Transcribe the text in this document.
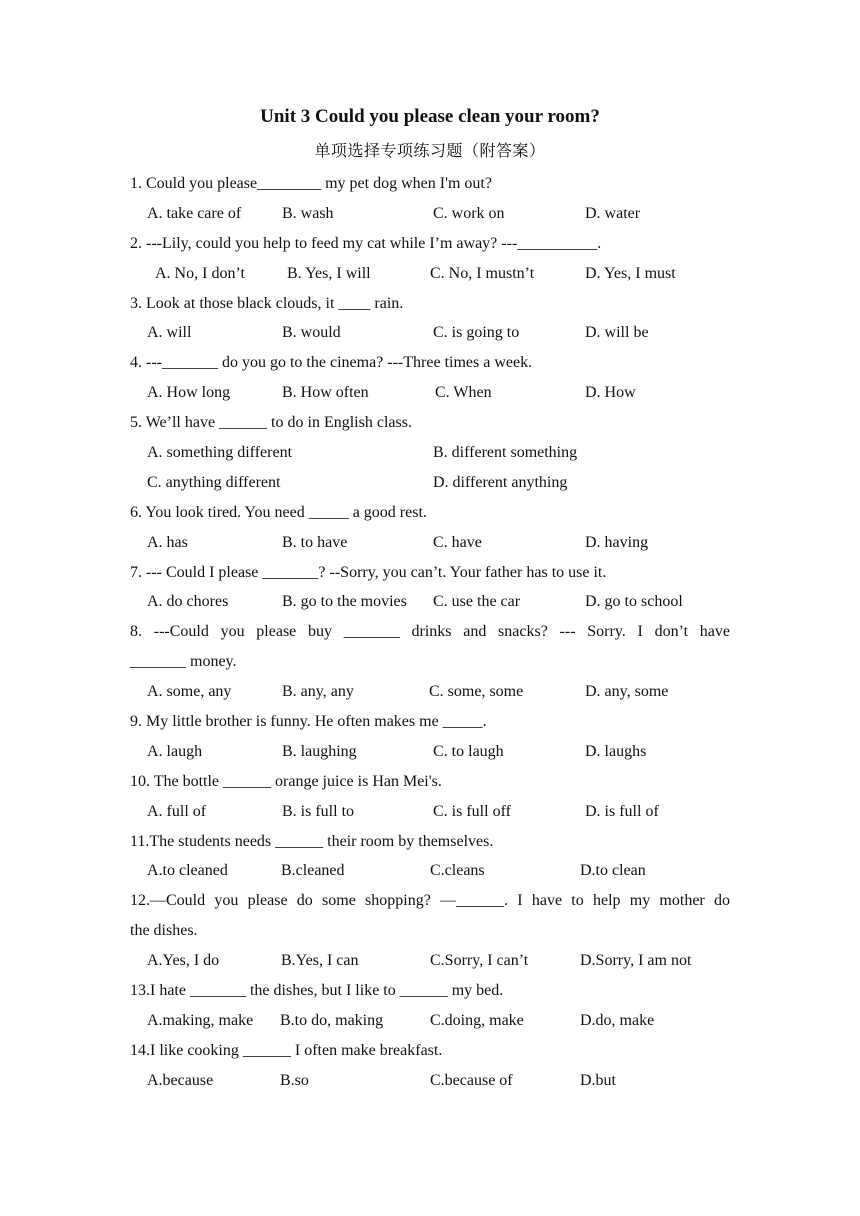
Unit 3 Could you please clean your room?
单项选择专项练习题（附答案）
1. Could you please________ my pet dog when I'm out?
A. take care of	B. wash	C. work on	D. water
2. ---Lily, could you help to feed my cat while I’m away? ---__________.
A. No, I don’t	B. Yes, I will	C. No, I mustn’t	D. Yes, I must
3. Look at those black clouds, it ____ rain.
A. will	B. would	C. is going to	D. will be
4. ---_______ do you go to the cinema? ---Three times a week.
A. How long	B. How often	C. When	D. How
5. We’ll have ______ to do in English class.
A. something different	B. different something
C. anything different	D. different anything
6. You look tired. You need _____ a good rest.
A. has	B. to have	C. have	D. having
7. --- Could I please _______? --Sorry, you can’t. Your father has to use it.
A. do chores	B. go to the movies C. use the car	D. go to school
8. ---Could you please buy _______ drinks and snacks? --- Sorry. I don’t have
_______ money.
A. some, any	B. any, any	C. some, some	D. any, some
9. My little brother is funny. He often makes me _____.
A. laugh	B. laughing	C. to laugh	D. laughs
10. The bottle ______ orange juice is Han Mei's.
A. full of	B. is full to	C. is full off	D. is full of
11.The students needs ______ their room by themselves.
A.to cleaned	B.cleaned	C.cleans	D.to clean
12.—Could you please do some shopping? —______. I have to help my mother do
the dishes.
A.Yes, I do	B.Yes, I can	C.Sorry, I can’t	D.Sorry, I am not
13.I hate _______ the dishes, but I like to ______ my bed.
A.making, make B.to do, making	C.doing, make	D.do, make
14.I like cooking ______ I often make breakfast.
A.because	B.so	C.because of	D.but
